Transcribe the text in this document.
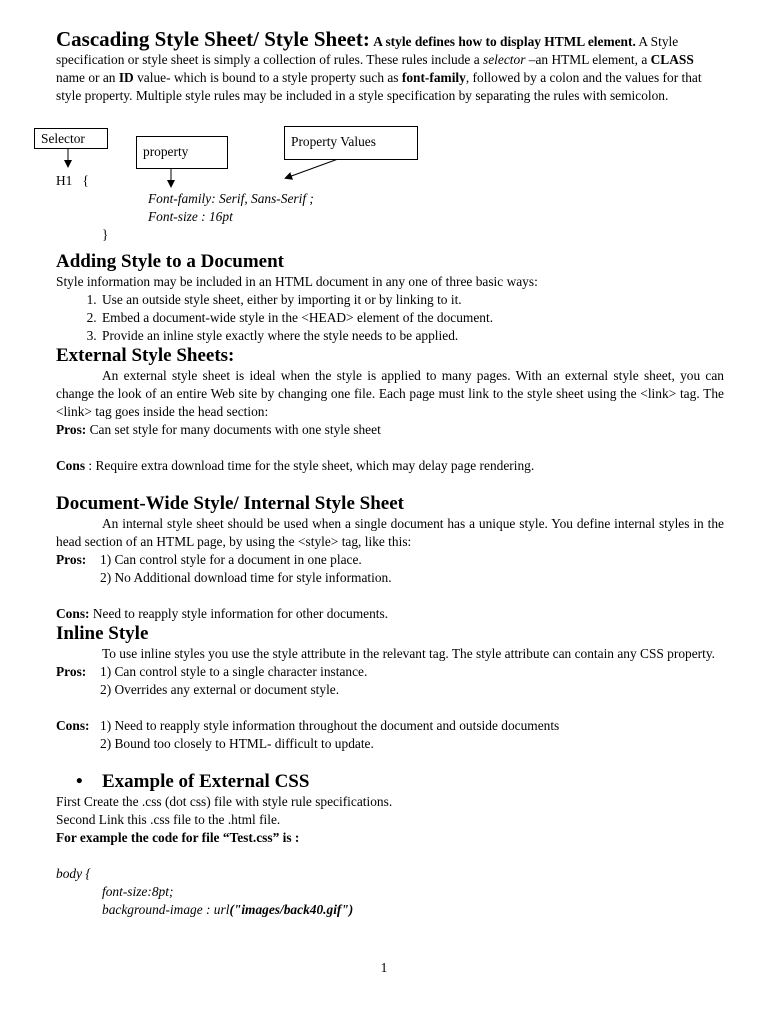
Cascading Style Sheet/ Style Sheet: A style defines how to display HTML element. A Style specification or style sheet is simply a collection of rules. These rules include a selector –an HTML element, a CLASS name or an ID value- which is bound to a style property such as font-family, followed by a colon and the values for that style property. Multiple style rules may be included in a style specification by separating the rules with semicolon.

Selector
property
Property Values
H1   {
Font-family: Serif, Sans-Serif ;
Font-size : 16pt
}
Adding Style to a Document

Style information may be included in an HTML document in any one of three basic ways:

1. Use an outside style sheet, either by importing it or by linking to it.
2. Embed a document-wide style in the <HEAD> element of the document.
3. Provide an inline style exactly where the style needs to be applied.
External Style Sheets:

An external style sheet is ideal when the style is applied to many pages. With an external style sheet, you can change the look of an entire Web site by changing one file. Each page must link to the style sheet using the <link> tag. The <link> tag goes inside the head section:

Pros: Can set style for many documents with one style sheet

Cons : Require extra download time for the style sheet, which may delay page rendering.

Document-Wide Style/ Internal Style Sheet

An internal style sheet should be used when a single document has a unique style. You define internal styles in the head section of an HTML page, by using the <style> tag, like this:

Pros: 1) Can control style for a document in one place.

2) No Additional download time for style information.

Cons: Need to reapply style information for other documents.

Inline Style

To use inline styles you use the style attribute in the relevant tag. The style attribute can contain any CSS property.

Pros: 1) Can control style to a single character instance.

2) Overrides any external or document style.

Cons: 1) Need to reapply style information throughout the document and outside documents

2) Bound too closely to HTML- difficult to update.

• Example of External CSS

First Create the .css (dot css) file with style rule specifications.

Second Link this .css file to the .html file.

For example the code for file “Test.css” is :

body {

font-size:8pt;

background-image : url("images/back40.gif")

1
